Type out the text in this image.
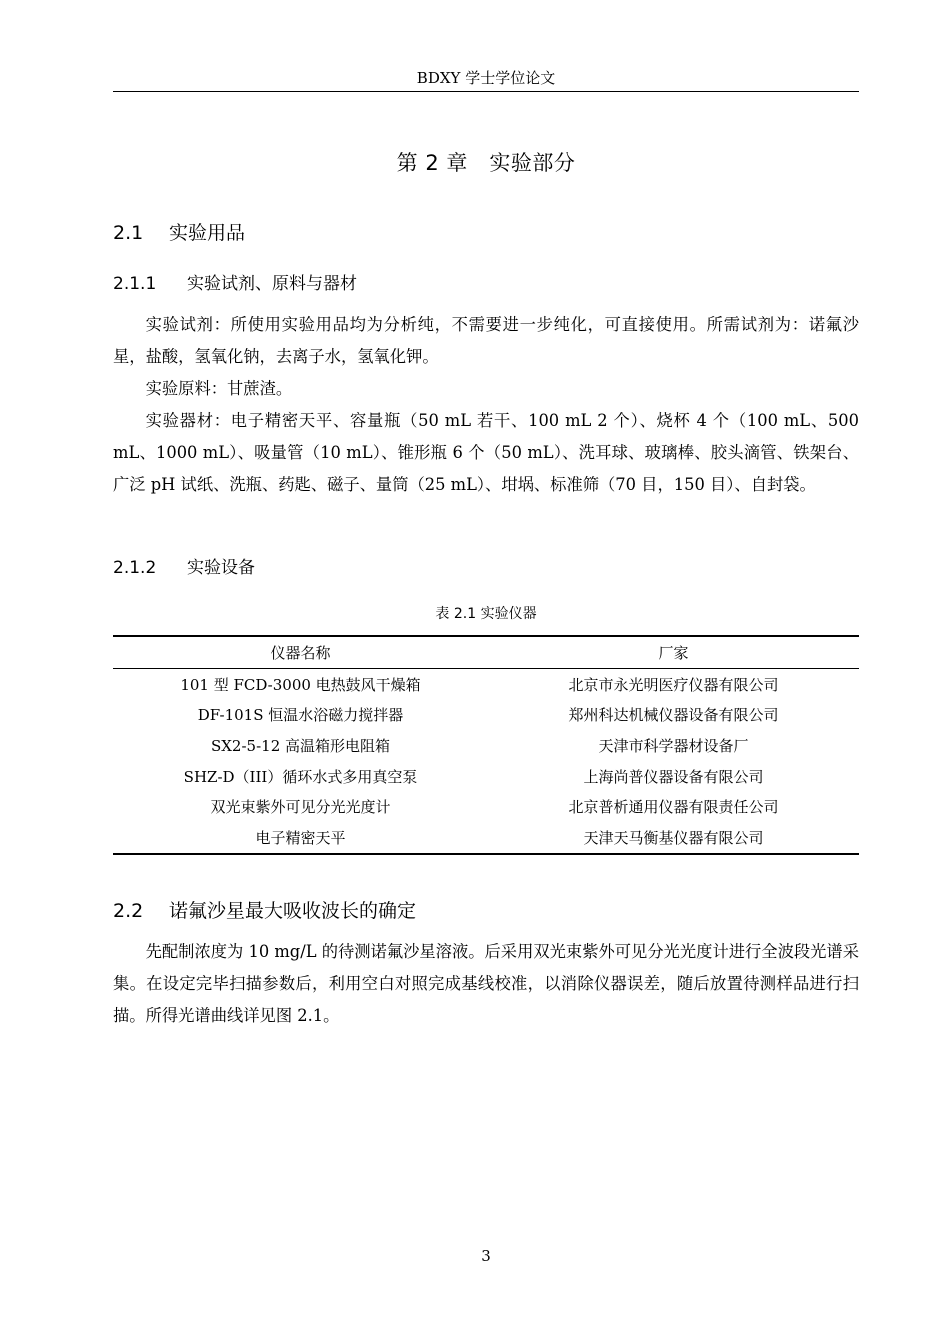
BDXY 学士学位论文
第 2 章　实验部分
2.1 实验用品
2.1.1 实验试剂、原料与器材

实验试剂：所使用实验用品均为分析纯，不需要进一步纯化，可直接使用。所需试剂为：诺氟沙星，盐酸，氢氧化钠，去离子水，氢氧化钾。

实验原料：甘蔗渣。

实验器材：电子精密天平、容量瓶（50 mL 若干、100 mL 2 个）、烧杯 4 个（100 mL、500 mL、1000 mL）、吸量管（10 mL）、锥形瓶 6 个（50 mL）、洗耳球、玻璃棒、胶头滴管、铁架台、广泛 pH 试纸、洗瓶、药匙、磁子、量筒（25 mL）、坩埚、标准筛（70 目，150 目）、自封袋。

2.1.2 实验设备
表 2.1 实验仪器
仪器名称	厂家
101 型 FCD-3000 电热鼓风干燥箱	北京市永光明医疗仪器有限公司
DF-101S 恒温水浴磁力搅拌器	郑州科达机械仪器设备有限公司
SX2-5-12 高温箱形电阻箱	天津市科学器材设备厂
SHZ-D（III）循环水式多用真空泵	上海尚普仪器设备有限公司
双光束紫外可见分光光度计	北京普析通用仪器有限责任公司
电子精密天平	天津天马衡基仪器有限公司
2.2 诺氟沙星最大吸收波长的确定

先配制浓度为 10 mg/L 的待测诺氟沙星溶液。后采用双光束紫外可见分光光度计进行全波段光谱采集。在设定完毕扫描参数后，利用空白对照完成基线校准，以消除仪器误差，随后放置待测样品进行扫描。所得光谱曲线详见图 2.1。

3
